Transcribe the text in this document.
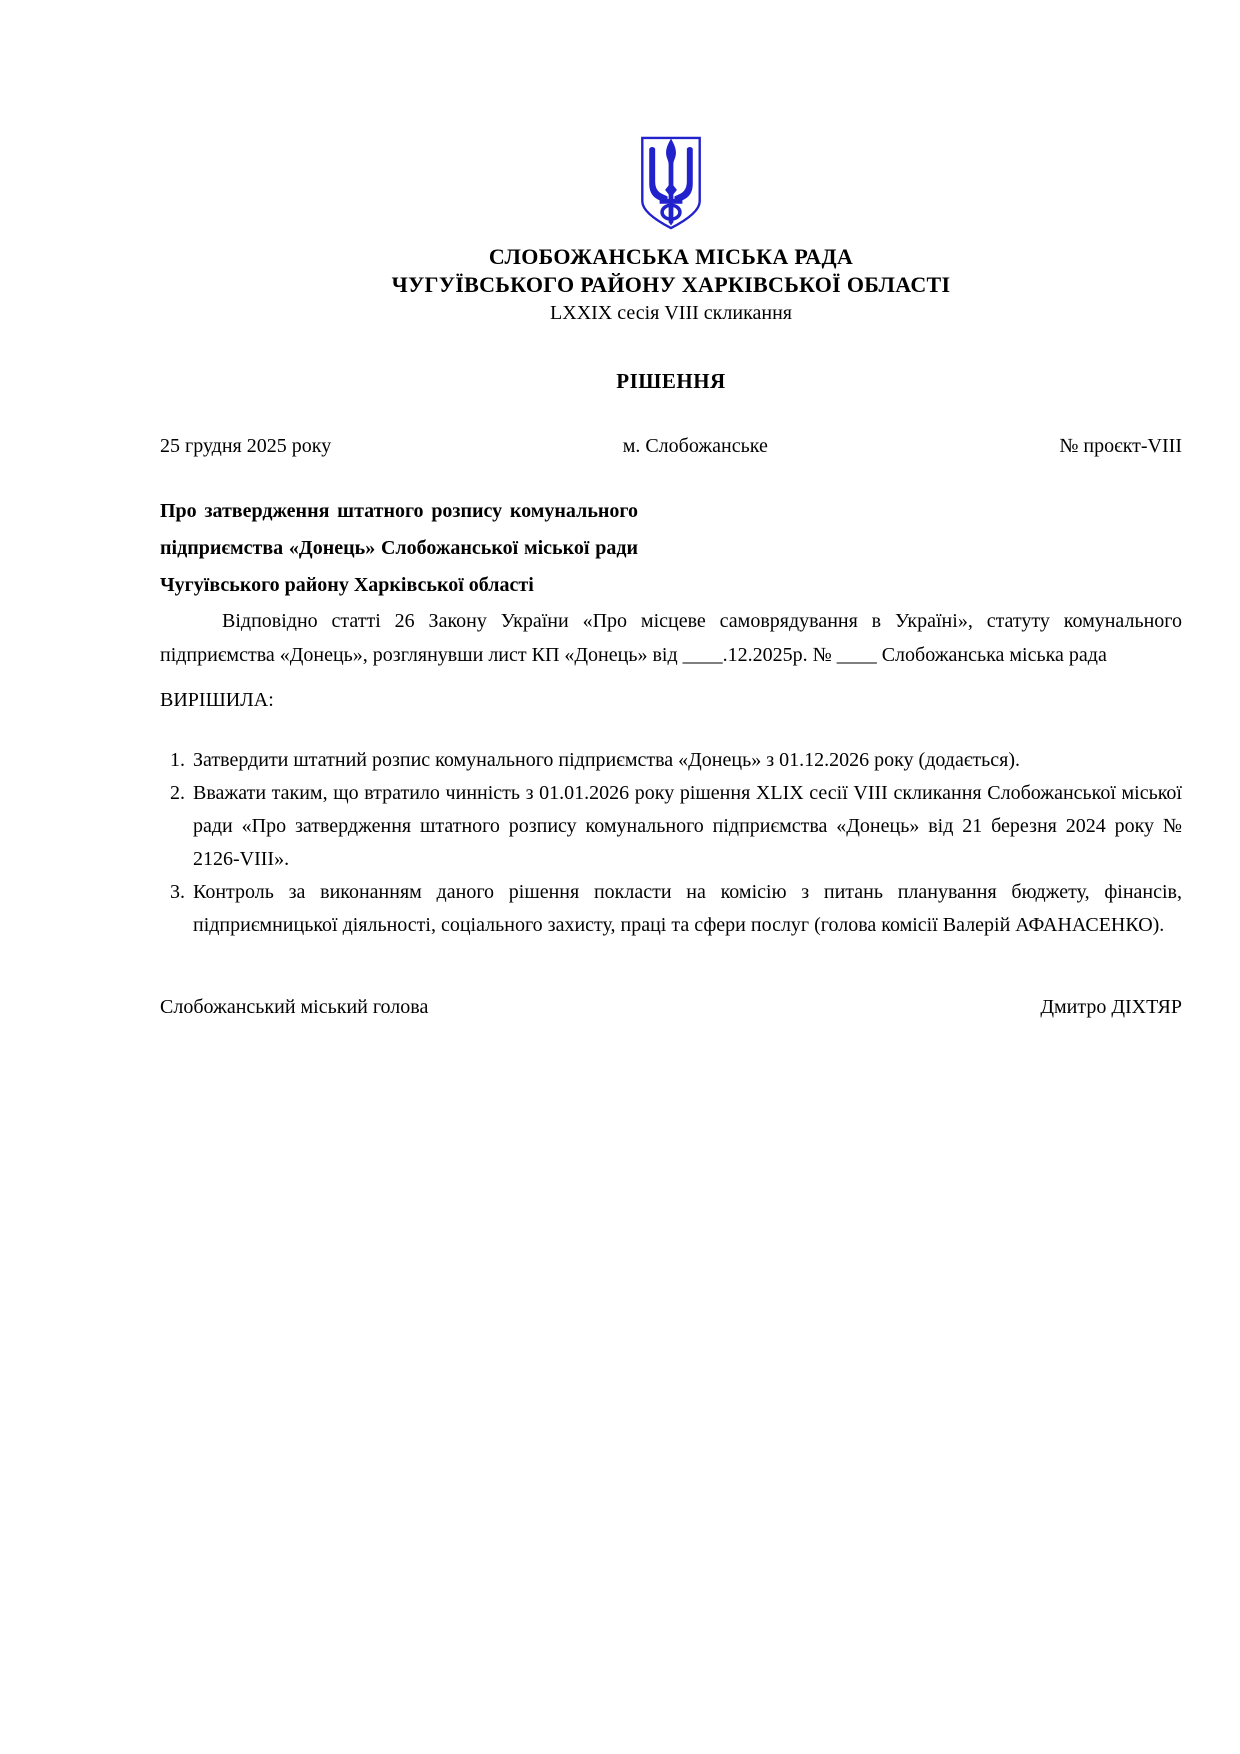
СЛОБОЖАНСЬКА МІСЬКА РАДА
ЧУГУЇВСЬКОГО РАЙОНУ ХАРКІВСЬКОЇ ОБЛАСТІ
LXXIX сесія VIII скликання
РІШЕННЯ
25 грудня 2025 року	м. Слобожанське	№ проєкт-VIII
Про затвердження штатного розпису комунального підприємства «Донець» Слобожанської міської ради Чугуївського району Харківської області
Відповідно статті 26 Закону України «Про місцеве самоврядування в Україні», статуту комунального підприємства «Донець», розглянувши лист КП «Донець» від ____.12.2025р. № ____ Слобожанська міська рада
ВИРІШИЛА:
1. Затвердити штатний розпис комунального підприємства «Донець» з 01.12.2026 року (додається).
2. Вважати таким, що втратило чинність з 01.01.2026 року рішення XLIX сесії VIII скликання Слобожанської міської ради «Про затвердження штатного розпису комунального підприємства «Донець» від 21 березня 2024 року № 2126-VIII».
3. Контроль за виконанням даного рішення покласти на комісію з питань планування бюджету, фінансів, підприємницької діяльності, соціального захисту, праці та сфери послуг (голова комісії Валерій АФАНАСЕНКО).
Слобожанський міський голова	Дмитро ДІХТЯР
